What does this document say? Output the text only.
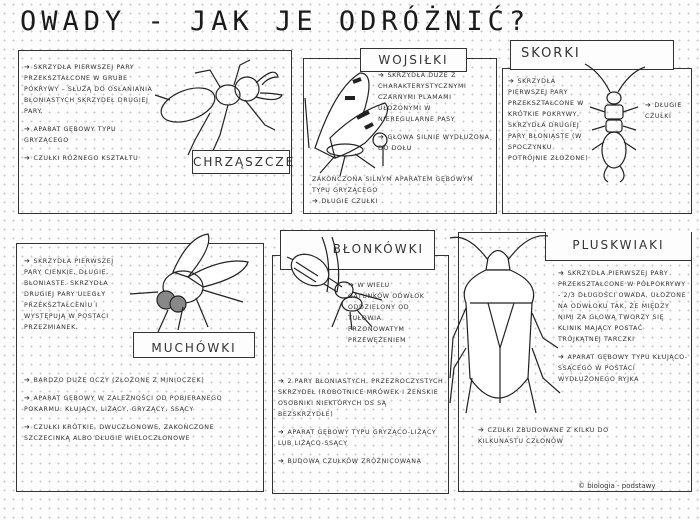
OWADY - JAK JE ODRÓŻNIĆ?
CHRZĄSZCZE

➔ SKRZYDŁA PIERWSZEJ PARY PRZEKSZTAŁCONE W GRUBE POKRYWY – SŁUŻĄ DO OSŁANIANIA BŁONIASTYCH SKRZYDEŁ DRUGIEJ PARY.

➔ APARAT GĘBOWY TYPU GRYZĄCEGO

➔ CZUŁKI RÓŻNEGO KSZTAŁTU

WOJSIŁKI

➔ SKRZYDŁA DUŻE Z CHARAKTERYSTYCZNYMI CZARNYMI PLAMAMI UŁOŻONYMI W NIEREGULARNE PASY

➔ GŁOWA SILNIE WYDŁUŻONA DO DOŁU

ZAKOŃCZONA SILNYM APARATEM GĘBOWYM TYPU GRYZĄCEGO

➔ DŁUGIE CZUŁKI

SKORKI

➔ SKRZYDŁA PIERWSZEJ PARY PRZEKSZTAŁCONE W KRÓTKIE POKRYWY, SKRZYDŁA DRUGIEJ PARY BŁONIASTE (W SPOCZYNKU POTRÓJNIE ZŁOŻONE)

➔ DŁUGIE CZUŁKI

MUCHÓWKI

➔ SKRZYDŁA PIERWSZEJ PARY CIENKIE, DŁUGIE, BŁONIASTE. SKRZYDŁA DRUGIEJ PARY ULEGŁY PRZEKSZTAŁCENIU I WYSTĘPUJĄ W POSTACI PRZEZMIANEK.

➔ BARDZO DUŻE OCZY (ZŁOŻONE Z MINIOCZEK)

➔ APARAT GĘBOWY W ZALEŻNOŚCI OD POBIERANEGO POKARMU: KŁUJĄCY, LIŻĄCY, GRYZĄCY, SSĄCY

➔ CZUŁKI KRÓTKIE, DWUCZŁONOWE, ZAKOŃCZONE SZCZECINKĄ ALBO DŁUGIE WIELOCZŁONOWE

BŁONKÓWKI

➔ W WIELU GATUNKÓW ODWŁOK ODDZIELONY OD TUŁOWIA PRZONOWATYM PRZEWĘŻENIEM

➔ 2 PARY BŁONIASTYCH, PRZEZROCZYSTYCH SKRZYDEŁ (ROBOTNICE MRÓWEK I ŻEŃSKIE OSOBNIKI NIEKTÓRYCH OS SĄ BEZSKRZYDŁE)

➔ APARAT GĘBOWY TYPU GRYZĄCO-LIŻĄCY LUB LIŻĄCO-SSĄCY

➔ BUDOWA CZUŁKÓW ZRÓŻNICOWANA

PLUSKWIAKI

➔ SKRZYDŁA PIERWSZEJ PARY PRZEKSZTAŁCONE W PÓŁPOKRYWY - 2/3 DŁUGOŚCI OWADA, UŁOŻONE NA ODWŁOKU TAK, ŻE MIĘDZY NIMI ZA GŁOWĄ TWORZY SIĘ KLINIK MAJĄCY POSTAĆ TRÓJKĄTNEJ TARCZKI

➔ APARAT GĘBOWY TYPU KŁUJĄCO-SSĄCEGO W POSTACI WYDŁUŻONEGO RYJKA

➔ CZUŁKI ZBUDOWANE Z KILKU DO KILKUNASTU CZŁONÓW

© biologia - podstawy
